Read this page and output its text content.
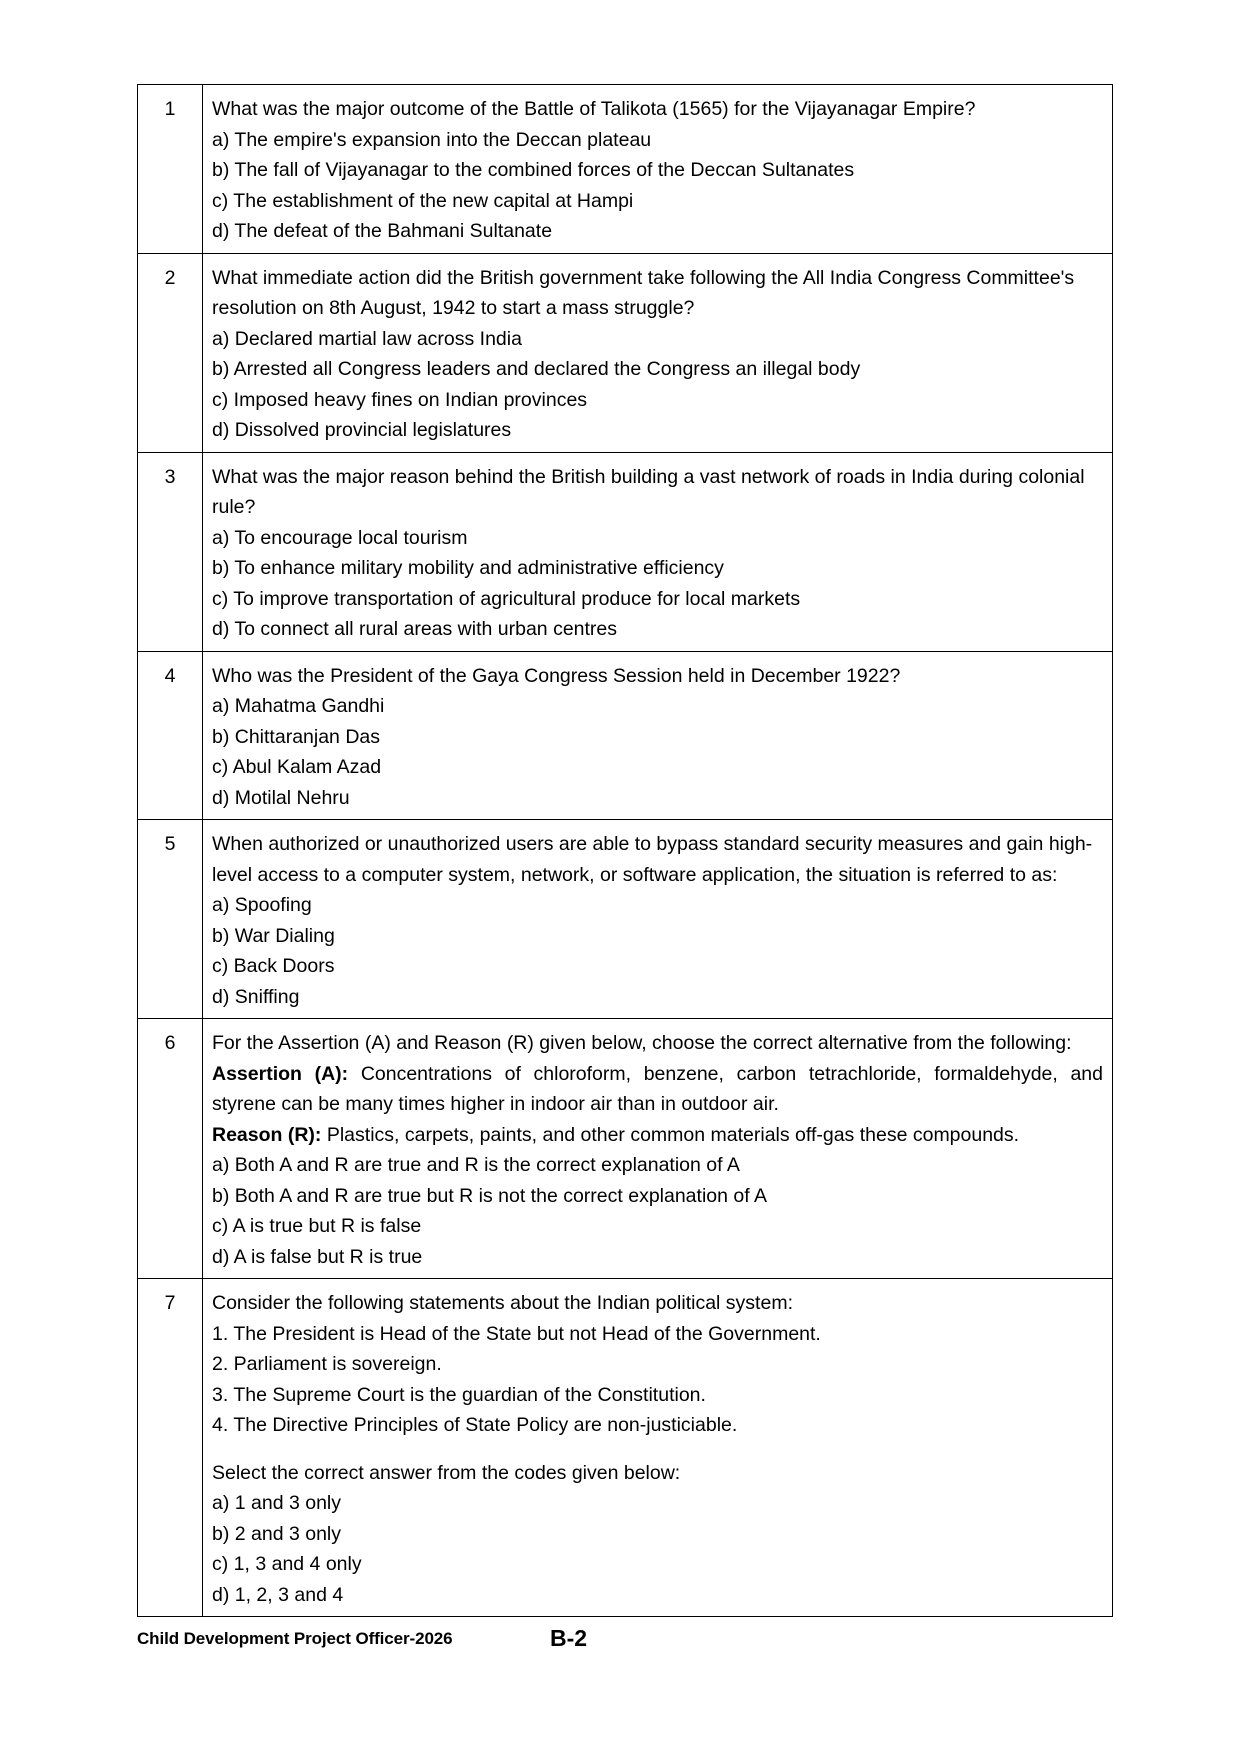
1	What was the major outcome of the Battle of Talikota (1565) for the Vijayanagar Empire?

a) The empire's expansion into the Deccan plateau

b) The fall of Vijayanagar to the combined forces of the Deccan Sultanates

c) The establishment of the new capital at Hampi

d) The defeat of the Bahmani Sultanate

2	What immediate action did the British government take following the All India Congress Committee's resolution on 8th August, 1942 to start a mass struggle?

a) Declared martial law across India

b) Arrested all Congress leaders and declared the Congress an illegal body

c) Imposed heavy fines on Indian provinces

d) Dissolved provincial legislatures

3	What was the major reason behind the British building a vast network of roads in India during colonial rule?

a) To encourage local tourism

b) To enhance military mobility and administrative efficiency

c) To improve transportation of agricultural produce for local markets

d) To connect all rural areas with urban centres

4	Who was the President of the Gaya Congress Session held in December 1922?

a) Mahatma Gandhi

b) Chittaranjan Das

c) Abul Kalam Azad

d) Motilal Nehru

5	When authorized or unauthorized users are able to bypass standard security measures and gain high-level access to a computer system, network, or software application, the situation is referred to as:

a) Spoofing

b) War Dialing

c) Back Doors

d) Sniffing

6	For the Assertion (A) and Reason (R) given below, choose the correct alternative from the following:

Assertion (A): Concentrations of chloroform, benzene, carbon tetrachloride, formaldehyde, and styrene can be many times higher in indoor air than in outdoor air.

Reason (R): Plastics, carpets, paints, and other common materials off-gas these compounds.

a) Both A and R are true and R is the correct explanation of A

b) Both A and R are true but R is not the correct explanation of A

c) A is true but R is false

d) A is false but R is true

7	Consider the following statements about the Indian political system:

1. The President is Head of the State but not Head of the Government.

2. Parliament is sovereign.

3. The Supreme Court is the guardian of the Constitution.

4. The Directive Principles of State Policy are non-justiciable.

Select the correct answer from the codes given below:

a) 1 and 3 only

b) 2 and 3 only

c) 1, 3 and 4 only

d) 1, 2, 3 and 4

Child Development Project Officer-2026	B-2
